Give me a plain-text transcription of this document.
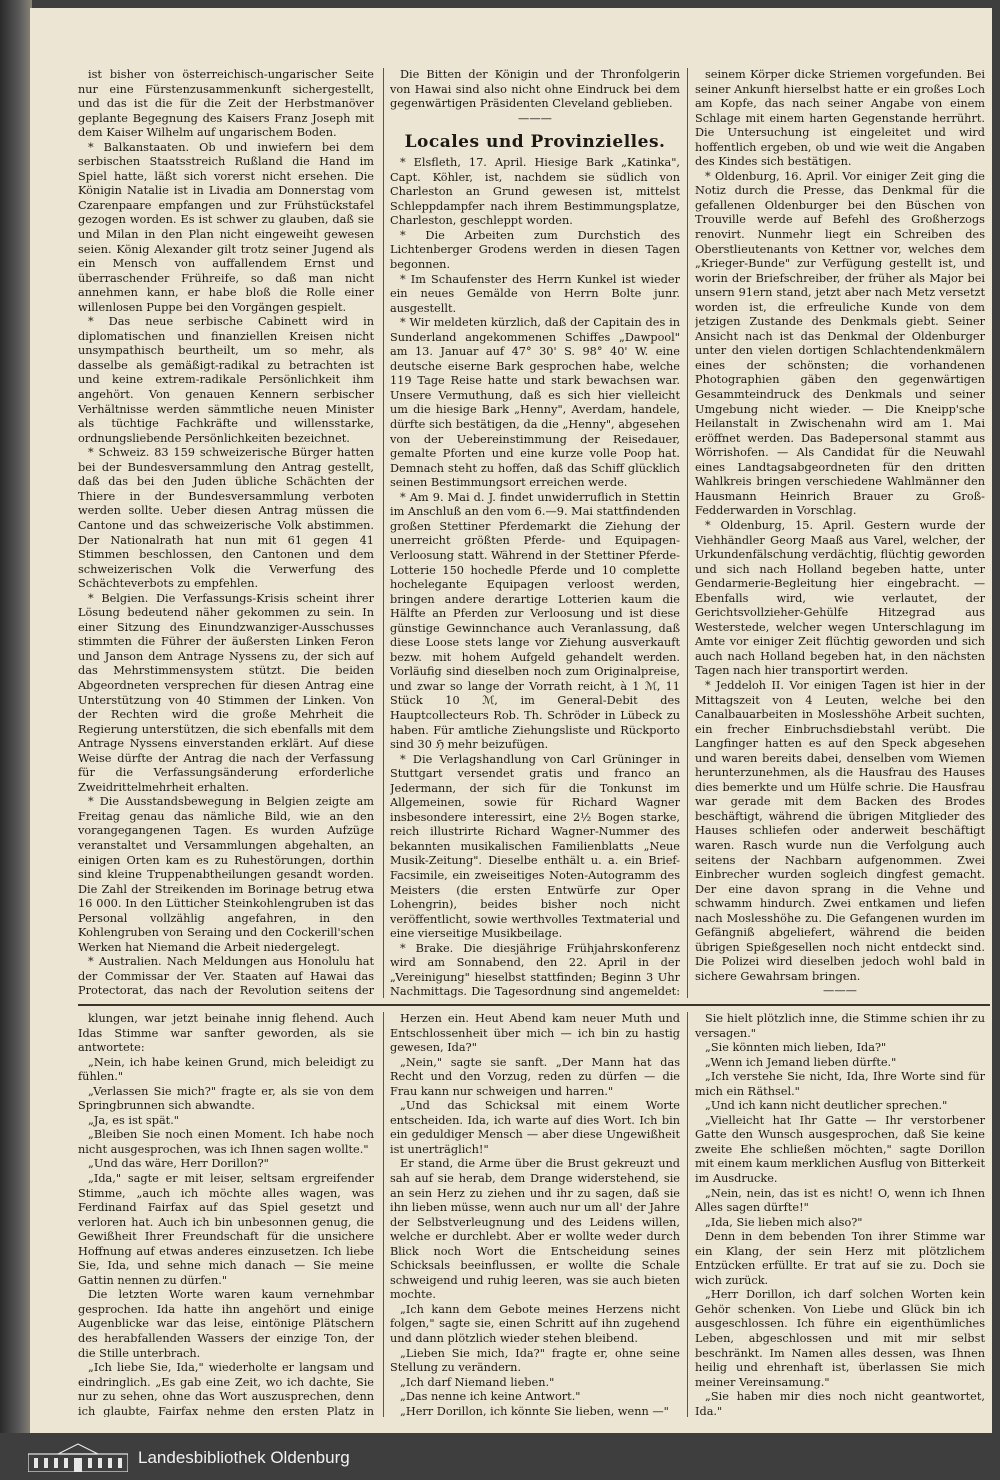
ist bisher von österreichisch-ungarischer Seite nur eine Fürstenzusammenkunft sichergestellt, und das ist die für die Zeit der Herbstmanöver geplante Begegnung des Kaisers Franz Joseph mit dem Kaiser Wilhelm auf ungarischem Boden.

* Balkanstaaten. Ob und inwiefern bei dem serbischen Staatsstreich Rußland die Hand im Spiel hatte, läßt sich vorerst nicht ersehen. Die Königin Natalie ist in Livadia am Donnerstag vom Czarenpaare empfangen und zur Frühstückstafel gezogen worden. Es ist schwer zu glauben, daß sie und Milan in den Plan nicht eingeweiht gewesen seien. König Alexander gilt trotz seiner Jugend als ein Mensch von auffallendem Ernst und überraschender Frühreife, so daß man nicht annehmen kann, er habe bloß die Rolle einer willenlosen Puppe bei den Vorgängen gespielt.

* Das neue serbische Cabinett wird in diplomatischen und finanziellen Kreisen nicht unsympathisch beurtheilt, um so mehr, als dasselbe als gemäßigt-radikal zu betrachten ist und keine extrem-radikale Persönlichkeit ihm angehört. Von genauen Kennern serbischer Verhältnisse werden sämmtliche neuen Minister als tüchtige Fachkräfte und willensstarke, ordnungsliebende Persönlichkeiten bezeichnet.

* Schweiz. 83 159 schweizerische Bürger hatten bei der Bundesversammlung den Antrag gestellt, daß das bei den Juden übliche Schächten der Thiere in der Bundesversammlung verboten werden sollte. Ueber diesen Antrag müssen die Cantone und das schweizerische Volk abstimmen. Der Nationalrath hat nun mit 61 gegen 41 Stimmen beschlossen, den Cantonen und dem schweizerischen Volk die Verwerfung des Schächteverbots zu empfehlen.

* Belgien. Die Verfassungs-Krisis scheint ihrer Lösung bedeutend näher gekommen zu sein. In einer Sitzung des Einundzwanziger-Ausschusses stimmten die Führer der äußersten Linken Feron und Janson dem Antrage Nyssens zu, der sich auf das Mehrstimmensystem stützt. Die beiden Abgeordneten versprechen für diesen Antrag eine Unterstützung von 40 Stimmen der Linken. Von der Rechten wird die große Mehrheit die Regierung unterstützen, die sich ebenfalls mit dem Antrage Nyssens einverstanden erklärt. Auf diese Weise dürfte der Antrag die nach der Verfassung für die Verfassungsänderung erforderliche Zweidrittelmehrheit erhalten.

* Die Ausstandsbewegung in Belgien zeigte am Freitag genau das nämliche Bild, wie an den vorangegangenen Tagen. Es wurden Aufzüge veranstaltet und Versammlungen abgehalten, an einigen Orten kam es zu Ruhestörungen, dorthin sind kleine Truppenabtheilungen gesandt worden. Die Zahl der Streikenden im Borinage betrug etwa 16 000. In den Lütticher Steinkohlengruben ist das Personal vollzählig angefahren, in den Kohlengruben von Seraing und den Cockerill'schen Werken hat Niemand die Arbeit niedergelegt.

* Australien. Nach Meldungen aus Honolulu hat der Commissar der Ver. Staaten auf Hawai das Protectorat, das nach der Revolution seitens der

Die Bitten der Königin und der Thronfolgerin von Hawai sind also nicht ohne Eindruck bei dem gegenwärtigen Präsidenten Cleveland geblieben.

———

Locales und Provinzielles.

* Elsfleth, 17. April. Hiesige Bark „Katinka", Capt. Köhler, ist, nachdem sie südlich von Charleston an Grund gewesen ist, mittelst Schleppdampfer nach ihrem Bestimmungsplatze, Charleston, geschleppt worden.

* Die Arbeiten zum Durchstich des Lichtenberger Grodens werden in diesen Tagen begonnen.

* Im Schaufenster des Herrn Kunkel ist wieder ein neues Gemälde von Herrn Bolte junr. ausgestellt.

* Wir meldeten kürzlich, daß der Capitain des in Sunderland angekommenen Schiffes „Dawpool" am 13. Januar auf 47° 30' S. 98° 40' W. eine deutsche eiserne Bark gesprochen habe, welche 119 Tage Reise hatte und stark bewachsen war. Unsere Vermuthung, daß es sich hier vielleicht um die hiesige Bark „Henny", Averdam, handele, dürfte sich bestätigen, da die „Henny", abgesehen von der Uebereinstimmung der Reisedauer, gemalte Pforten und eine kurze volle Poop hat. Demnach steht zu hoffen, daß das Schiff glücklich seinen Bestimmungsort erreichen werde.

* Am 9. Mai d. J. findet unwiderruflich in Stettin im Anschluß an den vom 6.—9. Mai stattfindenden großen Stettiner Pferdemarkt die Ziehung der unerreicht größten Pferde- und Equipagen-Verloosung statt. Während in der Stettiner Pferde-Lotterie 150 hochedle Pferde und 10 complette hochelegante Equipagen verloost werden, bringen andere derartige Lotterien kaum die Hälfte an Pferden zur Verloosung und ist diese günstige Gewinnchance auch Veranlassung, daß diese Loose stets lange vor Ziehung ausverkauft bezw. mit hohem Aufgeld gehandelt werden. Vorläufig sind dieselben noch zum Originalpreise, und zwar so lange der Vorrath reicht, à 1 ℳ, 11 Stück 10 ℳ, im General-Debit des Hauptcollecteurs Rob. Th. Schröder in Lübeck zu haben. Für amtliche Ziehungsliste und Rückporto sind 30 ℌ mehr beizufügen.

* Die Verlagshandlung von Carl Grüninger in Stuttgart versendet gratis und franco an Jedermann, der sich für die Tonkunst im Allgemeinen, sowie für Richard Wagner insbesondere interessirt, eine 2½ Bogen starke, reich illustrirte Richard Wagner-Nummer des bekannten musikalischen Familienblatts „Neue Musik-Zeitung". Dieselbe enthält u. a. ein Brief-Facsimile, ein zweiseitiges Noten-Autogramm des Meisters (die ersten Entwürfe zur Oper Lohengrin), beides bisher noch nicht veröffentlicht, sowie werthvolles Textmaterial und eine vierseitige Musikbeilage.

* Brake. Die diesjährige Frühjahrskonferenz wird am Sonnabend, den 22. April in der „Vereinigung" hieselbst stattfinden; Beginn 3 Uhr Nachmittags. Die Tagesordnung sind angemeldet:

seinem Körper dicke Striemen vorgefunden. Bei seiner Ankunft hierselbst hatte er ein großes Loch am Kopfe, das nach seiner Angabe von einem Schlage mit einem harten Gegenstande herrührt. Die Untersuchung ist eingeleitet und wird hoffentlich ergeben, ob und wie weit die Angaben des Kindes sich bestätigen.

* Oldenburg, 16. April. Vor einiger Zeit ging die Notiz durch die Presse, das Denkmal für die gefallenen Oldenburger bei den Büschen von Trouville werde auf Befehl des Großherzogs renovirt. Nunmehr liegt ein Schreiben des Oberstlieutenants von Kettner vor, welches dem „Krieger-Bunde" zur Verfügung gestellt ist, und worin der Briefschreiber, der früher als Major bei unsern 91ern stand, jetzt aber nach Metz versetzt worden ist, die erfreuliche Kunde von dem jetzigen Zustande des Denkmals giebt. Seiner Ansicht nach ist das Denkmal der Oldenburger unter den vielen dortigen Schlachtendenkmälern eines der schönsten; die vorhandenen Photographien gäben den gegenwärtigen Gesammteindruck des Denkmals und seiner Umgebung nicht wieder. — Die Kneipp'sche Heilanstalt in Zwischenahn wird am 1. Mai eröffnet werden. Das Badepersonal stammt aus Wörrishofen. — Als Candidat für die Neuwahl eines Landtagsabgeordneten für den dritten Wahlkreis bringen verschiedene Wahlmänner den Hausmann Heinrich Brauer zu Groß-Fedderwarden in Vorschlag.

* Oldenburg, 15. April. Gestern wurde der Viehhändler Georg Maaß aus Varel, welcher, der Urkundenfälschung verdächtig, flüchtig geworden und sich nach Holland begeben hatte, unter Gendarmerie-Begleitung hier eingebracht. — Ebenfalls wird, wie verlautet, der Gerichtsvollzieher-Gehülfe Hitzegrad aus Westerstede, welcher wegen Unterschlagung im Amte vor einiger Zeit flüchtig geworden und sich auch nach Holland begeben hat, in den nächsten Tagen nach hier transportirt werden.

* Jeddeloh II. Vor einigen Tagen ist hier in der Mittagszeit von 4 Leuten, welche bei den Canalbauarbeiten in Moslesshöhe Arbeit suchten, ein frecher Einbruchsdiebstahl verübt. Die Langfinger hatten es auf den Speck abgesehen und waren bereits dabei, denselben vom Wiemen herunterzunehmen, als die Hausfrau des Hauses dies bemerkte und um Hülfe schrie. Die Hausfrau war gerade mit dem Backen des Brodes beschäftigt, während die übrigen Mitglieder des Hauses schliefen oder anderweit beschäftigt waren. Rasch wurde nun die Verfolgung auch seitens der Nachbarn aufgenommen. Zwei Einbrecher wurden sogleich dingfest gemacht. Der eine davon sprang in die Vehne und schwamm hindurch. Zwei entkamen und liefen nach Moslesshöhe zu. Die Gefangenen wurden im Gefängniß abgeliefert, während die beiden übrigen Spießgesellen noch nicht entdeckt sind. Die Polizei wird dieselben jedoch wohl bald in sichere Gewahrsam bringen.

———

klungen, war jetzt beinahe innig flehend. Auch Idas Stimme war sanfter geworden, als sie antwortete:

„Nein, ich habe keinen Grund, mich beleidigt zu fühlen."

„Verlassen Sie mich?" fragte er, als sie von dem Springbrunnen sich abwandte.

„Ja, es ist spät."

„Bleiben Sie noch einen Moment. Ich habe noch nicht ausgesprochen, was ich Ihnen sagen wollte."

„Und das wäre, Herr Dorillon?"

„Ida," sagte er mit leiser, seltsam ergreifender Stimme, „auch ich möchte alles wagen, was Ferdinand Fairfax auf das Spiel gesetzt und verloren hat. Auch ich bin unbesonnen genug, die Gewißheit Ihrer Freundschaft für die unsichere Hoffnung auf etwas anderes einzusetzen. Ich liebe Sie, Ida, und sehne mich danach — Sie meine Gattin nennen zu dürfen."

Die letzten Worte waren kaum vernehmbar gesprochen. Ida hatte ihn angehört und einige Augenblicke war das leise, eintönige Plätschern des herabfallenden Wassers der einzige Ton, der die Stille unterbrach.

„Ich liebe Sie, Ida," wiederholte er langsam und eindringlich. „Es gab eine Zeit, wo ich dachte, Sie nur zu sehen, ohne das Wort auszusprechen, denn ich glaubte, Fairfax nehme den ersten Platz in

Herzen ein. Heut Abend kam neuer Muth und Entschlossenheit über mich — ich bin zu hastig gewesen, Ida?"

„Nein," sagte sie sanft. „Der Mann hat das Recht und den Vorzug, reden zu dürfen — die Frau kann nur schweigen und harren."

„Und das Schicksal mit einem Worte entscheiden. Ida, ich warte auf dies Wort. Ich bin ein geduldiger Mensch — aber diese Ungewißheit ist unerträglich!"

Er stand, die Arme über die Brust gekreuzt und sah auf sie herab, dem Drange widerstehend, sie an sein Herz zu ziehen und ihr zu sagen, daß sie ihn lieben müsse, wenn auch nur um all' der Jahre der Selbstverleugnung und des Leidens willen, welche er durchlebt. Aber er wollte weder durch Blick noch Wort die Entscheidung seines Schicksals beeinflussen, er wollte die Schale schweigend und ruhig leeren, was sie auch bieten mochte.

„Ich kann dem Gebote meines Herzens nicht folgen," sagte sie, einen Schritt auf ihn zugehend und dann plötzlich wieder stehen bleibend.

„Lieben Sie mich, Ida?" fragte er, ohne seine Stellung zu verändern.

„Ich darf Niemand lieben."

„Das nenne ich keine Antwort."

„Herr Dorillon, ich könnte Sie lieben, wenn —"

Sie hielt plötzlich inne, die Stimme schien ihr zu versagen."

„Sie könnten mich lieben, Ida?"

„Wenn ich Jemand lieben dürfte."

„Ich verstehe Sie nicht, Ida, Ihre Worte sind für mich ein Räthsel."

„Und ich kann nicht deutlicher sprechen."

„Vielleicht hat Ihr Gatte — Ihr verstorbener Gatte den Wunsch ausgesprochen, daß Sie keine zweite Ehe schließen möchten," sagte Dorillon mit einem kaum merklichen Ausflug von Bitterkeit im Ausdrucke.

„Nein, nein, das ist es nicht! O, wenn ich Ihnen Alles sagen dürfte!"

„Ida, Sie lieben mich also?"

Denn in dem bebenden Ton ihrer Stimme war ein Klang, der sein Herz mit plötzlichem Entzücken erfüllte. Er trat auf sie zu. Doch sie wich zurück.

„Herr Dorillon, ich darf solchen Worten kein Gehör schenken. Von Liebe und Glück bin ich ausgeschlossen. Ich führe ein eigenthümliches Leben, abgeschlossen und mit mir selbst beschränkt. Im Namen alles dessen, was Ihnen heilig und ehrenhaft ist, überlassen Sie mich meiner Vereinsamung."

„Sie haben mir dies noch nicht geantwortet, Ida."

Landesbibliothek Oldenburg
